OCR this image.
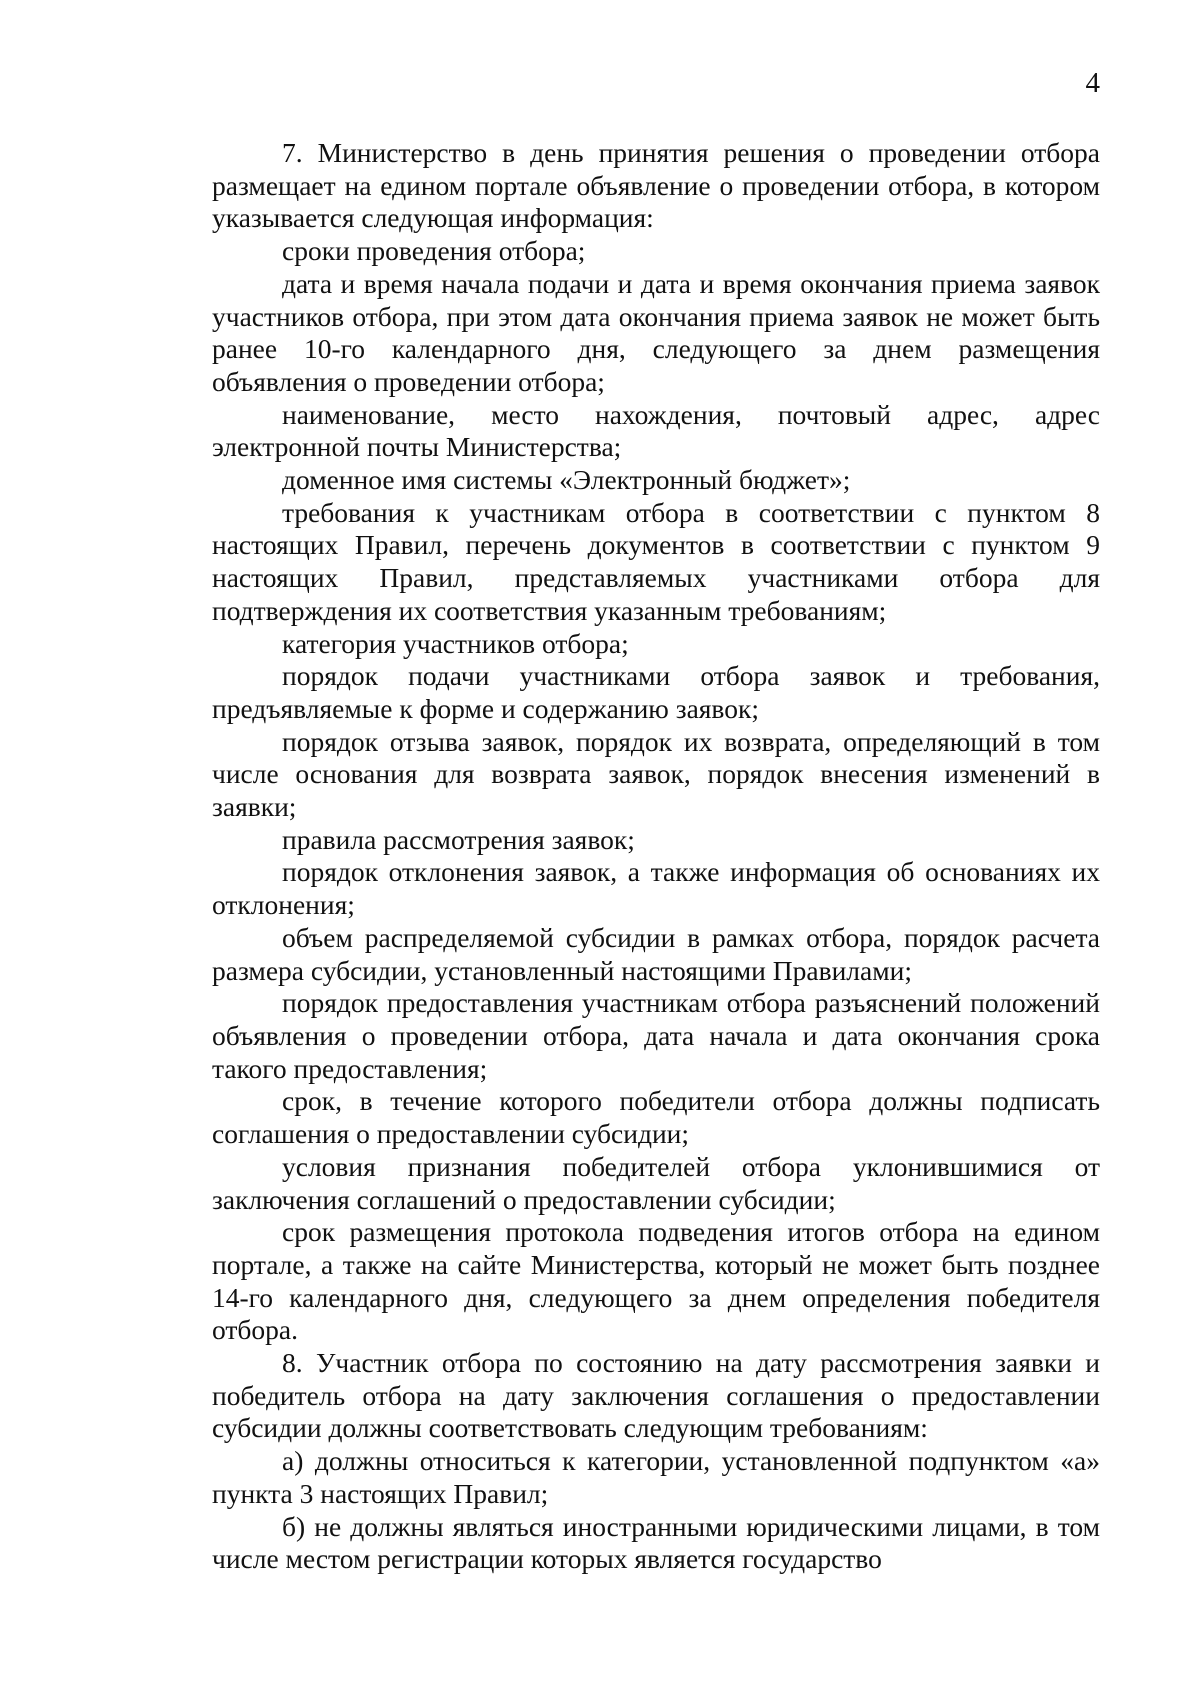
4

7. Министерство в день принятия решения о проведении отбора размещает на едином портале объявление о проведении отбора, в котором указывается следующая информация:

сроки проведения отбора;

дата и время начала подачи и дата и время окончания приема заявок участников отбора, при этом дата окончания приема заявок не может быть ранее 10-го календарного дня, следующего за днем размещения объявления о проведении отбора;

наименование, место нахождения, почтовый адрес, адрес электронной почты Министерства;

доменное имя системы «Электронный бюджет»;

требования к участникам отбора в соответствии с пунктом 8 настоящих Правил, перечень документов в соответствии с пунктом 9 настоящих Правил, представляемых участниками отбора для подтверждения их соответствия указанным требованиям;

категория участников отбора;

порядок подачи участниками отбора заявок и требования, предъявляемые к форме и содержанию заявок;

порядок отзыва заявок, порядок их возврата, определяющий в том числе основания для возврата заявок, порядок внесения изменений в заявки;

правила рассмотрения заявок;

порядок отклонения заявок, а также информация об основаниях их отклонения;

объем распределяемой субсидии в рамках отбора, порядок расчета размера субсидии, установленный настоящими Правилами;

порядок предоставления участникам отбора разъяснений положений объявления о проведении отбора, дата начала и дата окончания срока такого предоставления;

срок, в течение которого победители отбора должны подписать соглашения о предоставлении субсидии;

условия признания победителей отбора уклонившимися от заключения соглашений о предоставлении субсидии;

срок размещения протокола подведения итогов отбора на едином портале, а также на сайте Министерства, который не может быть позднее 14-го календарного дня, следующего за днем определения победителя отбора.

8. Участник отбора по состоянию на дату рассмотрения заявки и победитель отбора на дату заключения соглашения о предоставлении субсидии должны соответствовать следующим требованиям:

а) должны относиться к категории, установленной подпунктом «а» пункта 3 настоящих Правил;

б) не должны являться иностранными юридическими лицами, в том числе местом регистрации которых является государство
